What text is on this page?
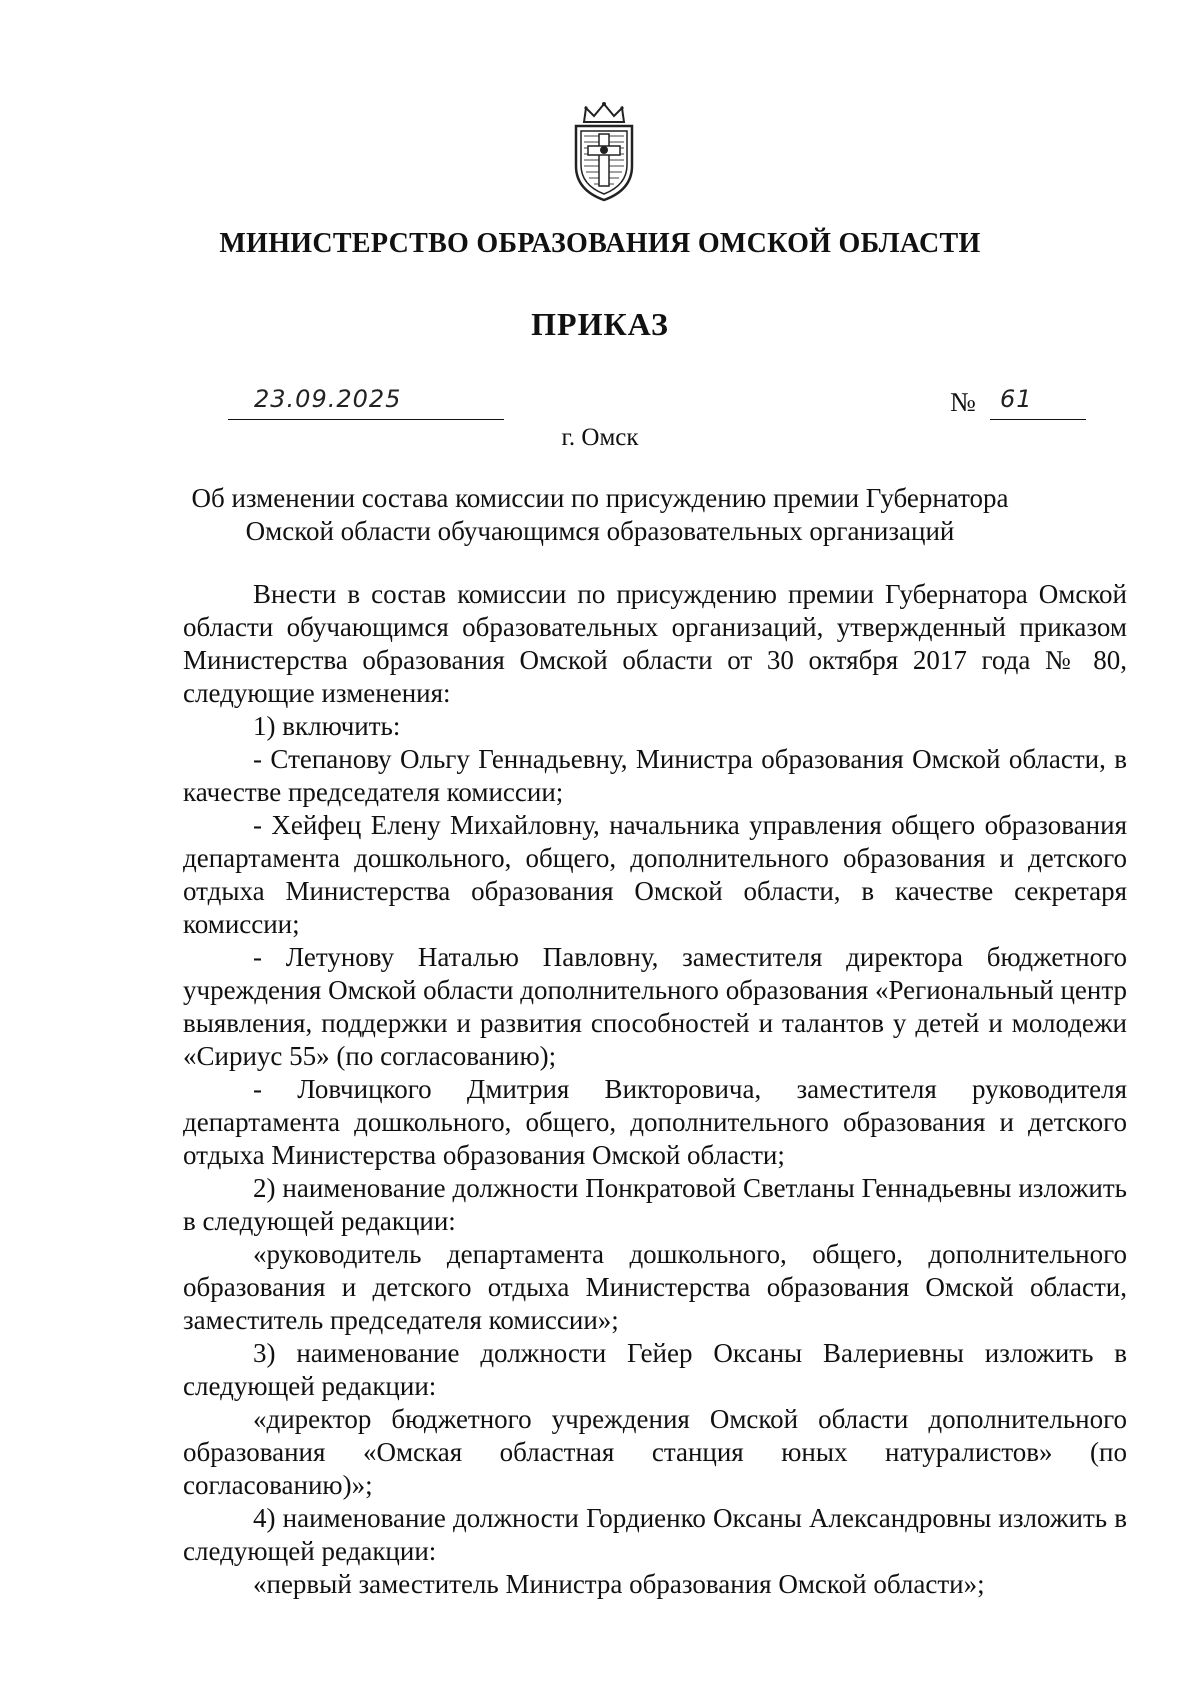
МИНИСТЕРСТВО ОБРАЗОВАНИЯ ОМСКОЙ ОБЛАСТИ
ПРИКАЗ
23.09.2025	№ 61
г. Омск
Об изменении состава комиссии по присуждению премии Губернатора
Омской области обучающимся образовательных организаций

Внести в состав комиссии по присуждению премии Губернатора Омской области обучающимся образовательных организаций, утвержденный приказом Министерства образования Омской области от 30 октября 2017 года № 80, следующие изменения:

1) включить:

- Степанову Ольгу Геннадьевну, Министра образования Омской области, в качестве председателя комиссии;

- Хейфец Елену Михайловну, начальника управления общего образования департамента дошкольного, общего, дополнительного образования и детского отдыха Министерства образования Омской области, в качестве секретаря комиссии;

- Летунову Наталью Павловну, заместителя директора бюджетного учреждения Омской области дополнительного образования «Региональный центр выявления, поддержки и развития способностей и талантов у детей и молодежи «Сириус 55» (по согласованию);

- Ловчицкого Дмитрия Викторовича, заместителя руководителя департамента дошкольного, общего, дополнительного образования и детского отдыха Министерства образования Омской области;

2) наименование должности Понкратовой Светланы Геннадьевны изложить в следующей редакции:

«руководитель департамента дошкольного, общего, дополнительного образования и детского отдыха Министерства образования Омской области, заместитель председателя комиссии»;

3) наименование должности Гейер Оксаны Валериевны изложить в следующей редакции:

«директор бюджетного учреждения Омской области дополнительного образования «Омская областная станция юных натуралистов» (по согласованию)»;

4) наименование должности Гордиенко Оксаны Александровны изложить в следующей редакции:

«первый заместитель Министра образования Омской области»;
